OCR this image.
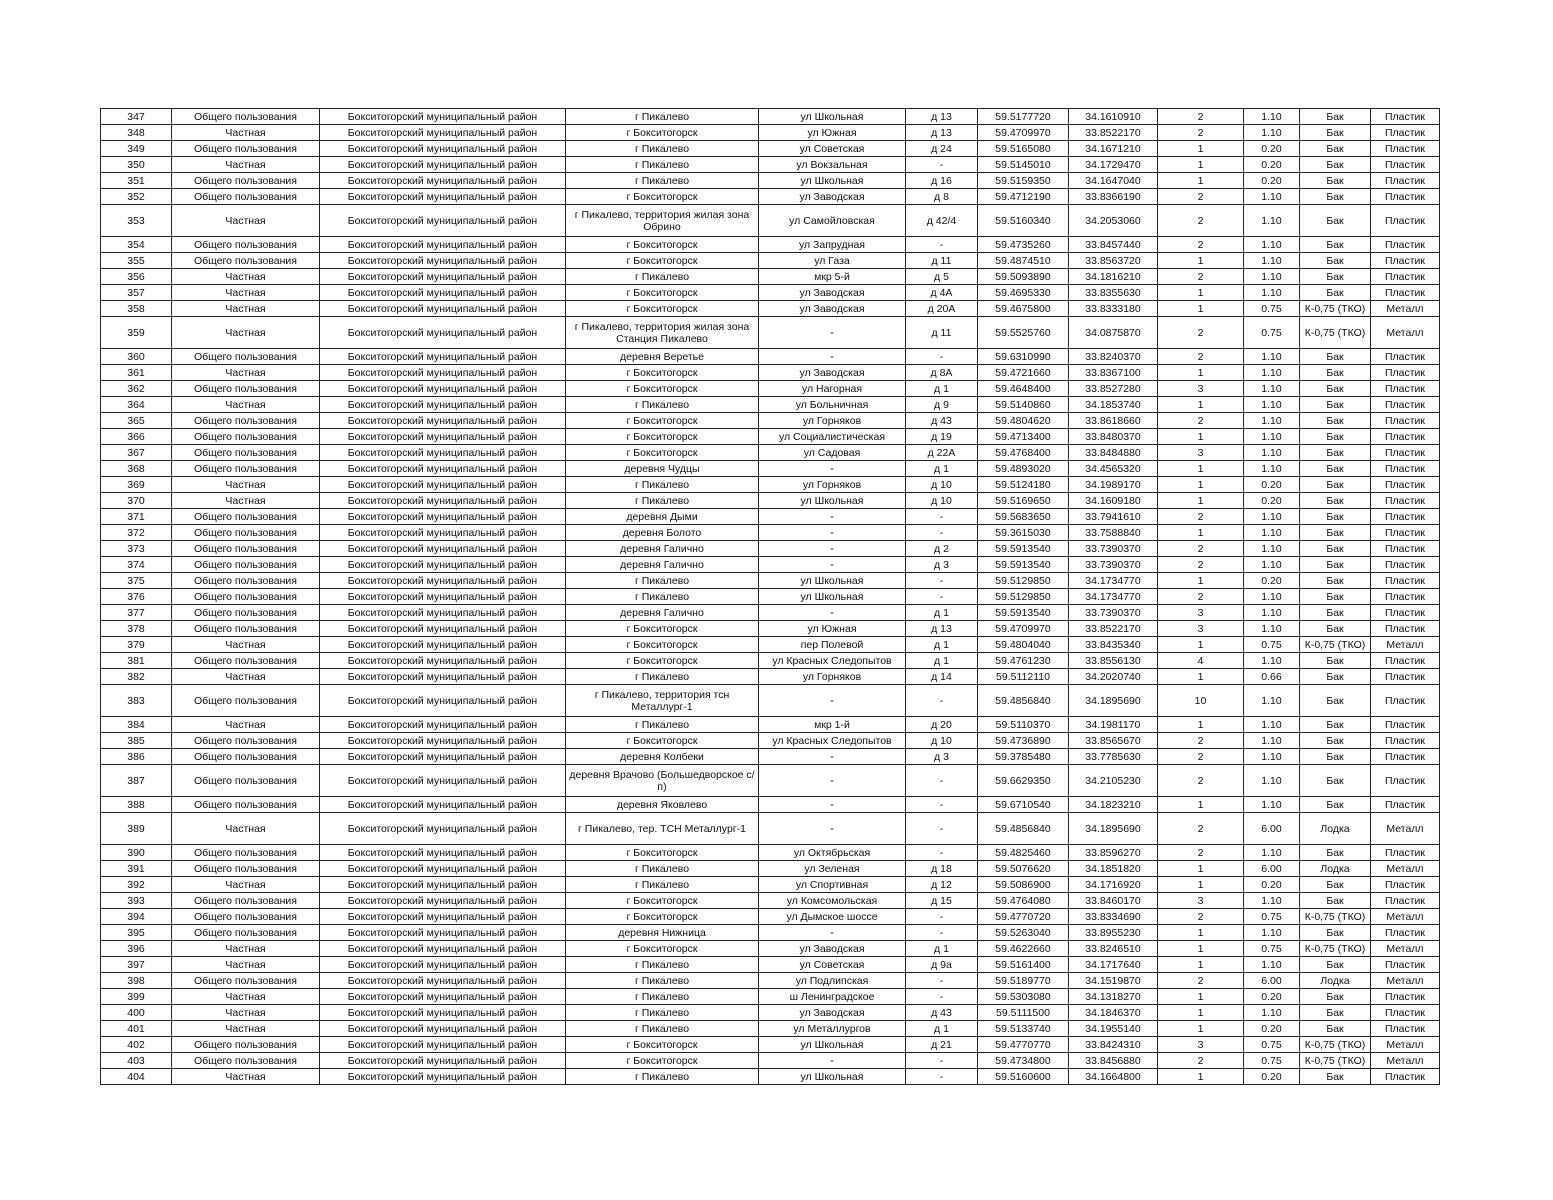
347	Общего пользования	Бокситогорский муниципальный район	г Пикалево	ул Школьная	д 13	59.5177720	34.1610910	2	1.10	Бак	Пластик
348	Частная	Бокситогорский муниципальный район	г Бокситогорск	ул Южная	д 13	59.4709970	33.8522170	2	1.10	Бак	Пластик
349	Общего пользования	Бокситогорский муниципальный район	г Пикалево	ул Советская	д 24	59.5165080	34.1671210	1	0.20	Бак	Пластик
350	Частная	Бокситогорский муниципальный район	г Пикалево	ул Вокзальная	-	59.5145010	34.1729470	1	0.20	Бак	Пластик
351	Общего пользования	Бокситогорский муниципальный район	г Пикалево	ул Школьная	д 16	59.5159350	34.1647040	1	0.20	Бак	Пластик
352	Общего пользования	Бокситогорский муниципальный район	г Бокситогорск	ул Заводская	д 8	59.4712190	33.8366190	2	1.10	Бак	Пластик
353	Частная	Бокситогорский муниципальный район	г Пикалево, территория жилая зона Обрино	ул Самойловская	д 42/4	59.5160340	34.2053060	2	1.10	Бак	Пластик
354	Общего пользования	Бокситогорский муниципальный район	г Бокситогорск	ул Запрудная	-	59.4735260	33.8457440	2	1.10	Бак	Пластик
355	Общего пользования	Бокситогорский муниципальный район	г Бокситогорск	ул Газа	д 11	59.4874510	33.8563720	1	1.10	Бак	Пластик
356	Частная	Бокситогорский муниципальный район	г Пикалево	мкр 5-й	д 5	59.5093890	34.1816210	2	1.10	Бак	Пластик
357	Частная	Бокситогорский муниципальный район	г Бокситогорск	ул Заводская	д 4А	59.4695330	33.8355630	1	1.10	Бак	Пластик
358	Частная	Бокситогорский муниципальный район	г Бокситогорск	ул Заводская	д 20А	59.4675800	33.8333180	1	0.75	К-0,75 (ТКО)	Металл
359	Частная	Бокситогорский муниципальный район	г Пикалево, территория жилая зона Станция Пикалево	-	д 11	59.5525760	34.0875870	2	0.75	К-0,75 (ТКО)	Металл
360	Общего пользования	Бокситогорский муниципальный район	деревня Веретье	-	-	59.6310990	33.8240370	2	1.10	Бак	Пластик
361	Частная	Бокситогорский муниципальный район	г Бокситогорск	ул Заводская	д 8А	59.4721660	33.8367100	1	1.10	Бак	Пластик
362	Общего пользования	Бокситогорский муниципальный район	г Бокситогорск	ул Нагорная	д 1	59.4648400	33.8527280	3	1.10	Бак	Пластик
364	Частная	Бокситогорский муниципальный район	г Пикалево	ул Больничная	д 9	59.5140860	34.1853740	1	1.10	Бак	Пластик
365	Общего пользования	Бокситогорский муниципальный район	г Бокситогорск	ул Горняков	д 43	59.4804620	33.8618660	2	1.10	Бак	Пластик
366	Общего пользования	Бокситогорский муниципальный район	г Бокситогорск	ул Социалистическая	д 19	59.4713400	33.8480370	1	1.10	Бак	Пластик
367	Общего пользования	Бокситогорский муниципальный район	г Бокситогорск	ул Садовая	д 22А	59.4768400	33.8484880	3	1.10	Бак	Пластик
368	Общего пользования	Бокситогорский муниципальный район	деревня Чудцы	-	д 1	59.4893020	34.4565320	1	1.10	Бак	Пластик
369	Частная	Бокситогорский муниципальный район	г Пикалево	ул Горняков	д 10	59.5124180	34.1989170	1	0.20	Бак	Пластик
370	Частная	Бокситогорский муниципальный район	г Пикалево	ул Школьная	д 10	59.5169650	34.1609180	1	0.20	Бак	Пластик
371	Общего пользования	Бокситогорский муниципальный район	деревня Дыми	-	-	59.5683650	33.7941610	2	1.10	Бак	Пластик
372	Общего пользования	Бокситогорский муниципальный район	деревня Болото	-	-	59.3615030	33.7588840	1	1.10	Бак	Пластик
373	Общего пользования	Бокситогорский муниципальный район	деревня Галично	-	д 2	59.5913540	33.7390370	2	1.10	Бак	Пластик
374	Общего пользования	Бокситогорский муниципальный район	деревня Галично	-	д 3	59.5913540	33.7390370	2	1.10	Бак	Пластик
375	Общего пользования	Бокситогорский муниципальный район	г Пикалево	ул Школьная	-	59.5129850	34.1734770	1	0.20	Бак	Пластик
376	Общего пользования	Бокситогорский муниципальный район	г Пикалево	ул Школьная	-	59.5129850	34.1734770	2	1.10	Бак	Пластик
377	Общего пользования	Бокситогорский муниципальный район	деревня Галично	-	д 1	59.5913540	33.7390370	3	1.10	Бак	Пластик
378	Общего пользования	Бокситогорский муниципальный район	г Бокситогорск	ул Южная	д 13	59.4709970	33.8522170	3	1.10	Бак	Пластик
379	Частная	Бокситогорский муниципальный район	г Бокситогорск	пер Полевой	д 1	59.4804040	33.8435340	1	0.75	К-0,75 (ТКО)	Металл
381	Общего пользования	Бокситогорский муниципальный район	г Бокситогорск	ул Красных Следопытов	д 1	59.4761230	33.8556130	4	1.10	Бак	Пластик
382	Частная	Бокситогорский муниципальный район	г Пикалево	ул Горняков	д 14	59.5112110	34.2020740	1	0.66	Бак	Пластик
383	Общего пользования	Бокситогорский муниципальный район	г Пикалево, территория тсн Металлург-1	-	-	59.4856840	34.1895690	10	1.10	Бак	Пластик
384	Частная	Бокситогорский муниципальный район	г Пикалево	мкр 1-й	д 20	59.5110370	34.1981170	1	1.10	Бак	Пластик
385	Общего пользования	Бокситогорский муниципальный район	г Бокситогорск	ул Красных Следопытов	д 10	59.4736890	33.8565670	2	1.10	Бак	Пластик
386	Общего пользования	Бокситогорский муниципальный район	деревня Колбеки	-	д 3	59.3785480	33.7785630	2	1.10	Бак	Пластик
387	Общего пользования	Бокситогорский муниципальный район	деревня Врачово (Большедворское с/п)	-	-	59.6629350	34.2105230	2	1.10	Бак	Пластик
388	Общего пользования	Бокситогорский муниципальный район	деревня Яковлево	-	-	59.6710540	34.1823210	1	1.10	Бак	Пластик
389	Частная	Бокситогорский муниципальный район	г Пикалево, тер. ТСН Металлург-1	-	-	59.4856840	34.1895690	2	6.00	Лодка	Металл
390	Общего пользования	Бокситогорский муниципальный район	г Бокситогорск	ул Октябрьская	-	59.4825460	33.8596270	2	1.10	Бак	Пластик
391	Общего пользования	Бокситогорский муниципальный район	г Пикалево	ул Зеленая	д 18	59.5076620	34.1851820	1	6.00	Лодка	Металл
392	Частная	Бокситогорский муниципальный район	г Пикалево	ул Спортивная	д 12	59.5086900	34.1716920	1	0.20	Бак	Пластик
393	Общего пользования	Бокситогорский муниципальный район	г Бокситогорск	ул Комсомольская	д 15	59.4764080	33.8460170	3	1.10	Бак	Пластик
394	Общего пользования	Бокситогорский муниципальный район	г Бокситогорск	ул Дымское шоссе	-	59.4770720	33.8334690	2	0.75	К-0,75 (ТКО)	Металл
395	Общего пользования	Бокситогорский муниципальный район	деревня Нижница	-	-	59.5263040	33.8955230	1	1.10	Бак	Пластик
396	Частная	Бокситогорский муниципальный район	г Бокситогорск	ул Заводская	д 1	59.4622660	33.8246510	1	0.75	К-0,75 (ТКО)	Металл
397	Частная	Бокситогорский муниципальный район	г Пикалево	ул Советская	д 9а	59.5161400	34.1717640	1	1.10	Бак	Пластик
398	Общего пользования	Бокситогорский муниципальный район	г Пикалево	ул Подлипская	-	59.5189770	34.1519870	2	6.00	Лодка	Металл
399	Частная	Бокситогорский муниципальный район	г Пикалево	ш Ленинградское	-	59.5303080	34.1318270	1	0.20	Бак	Пластик
400	Частная	Бокситогорский муниципальный район	г Пикалево	ул Заводская	д 43	59.5111500	34.1846370	1	1.10	Бак	Пластик
401	Частная	Бокситогорский муниципальный район	г Пикалево	ул Металлургов	д 1	59.5133740	34.1955140	1	0.20	Бак	Пластик
402	Общего пользования	Бокситогорский муниципальный район	г Бокситогорск	ул Школьная	д 21	59.4770770	33.8424310	3	0.75	К-0,75 (ТКО)	Металл
403	Общего пользования	Бокситогорский муниципальный район	г Бокситогорск	-	-	59.4734800	33.8456880	2	0.75	К-0,75 (ТКО)	Металл
404	Частная	Бокситогорский муниципальный район	г Пикалево	ул Школьная	-	59.5160600	34.1664800	1	0.20	Бак	Пластик
